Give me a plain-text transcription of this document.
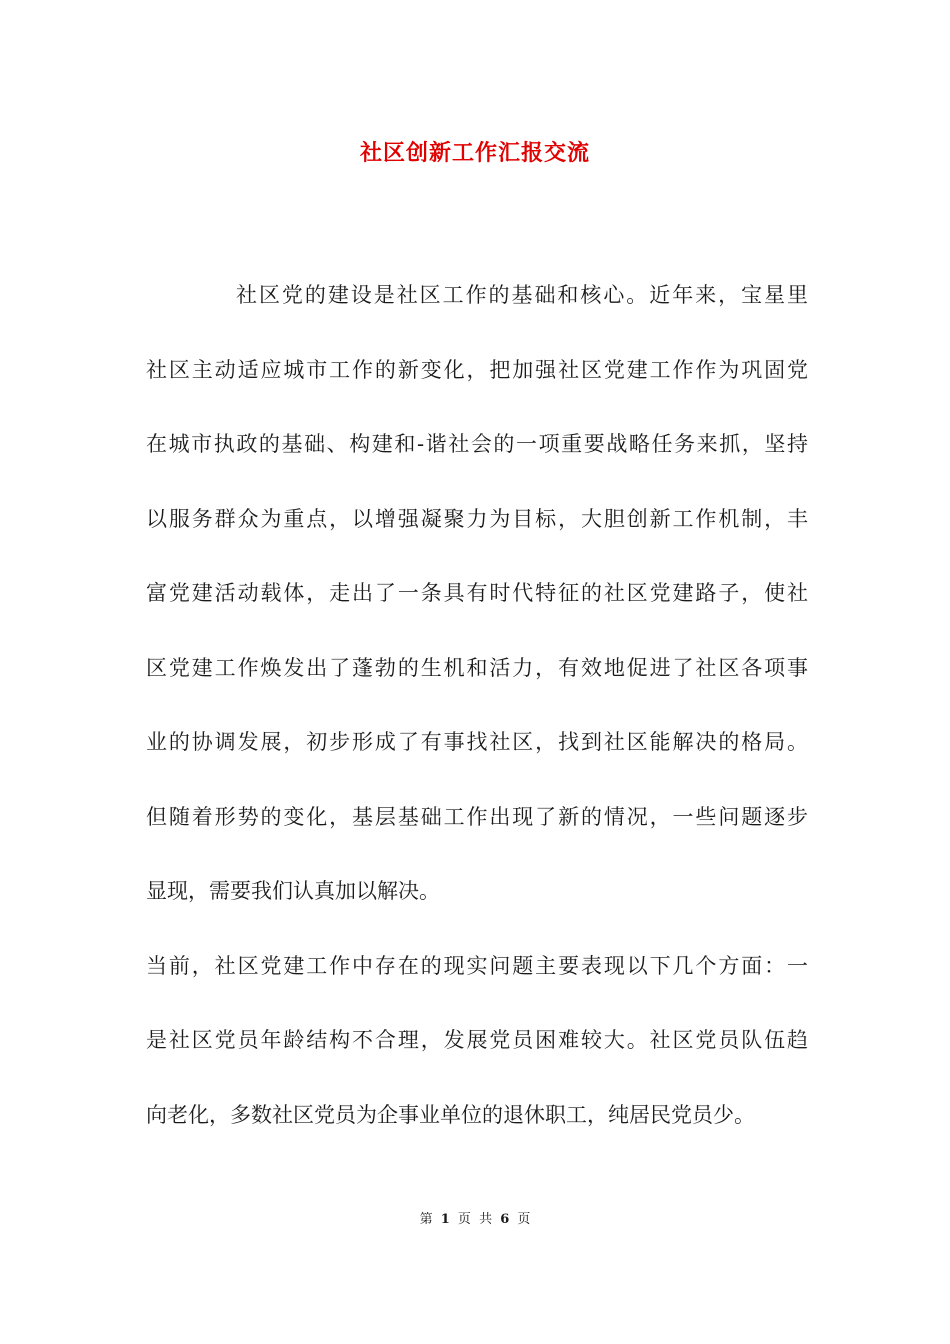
社区创新工作汇报交流
社区党的建设是社区工作的基础和核心。近年来，宝星里
社区主动适应城市工作的新变化，把加强社区党建工作作为巩固党
在城市执政的基础、构建和-谐社会的一项重要战略任务来抓，坚持
以服务群众为重点，以增强凝聚力为目标，大胆创新工作机制，丰
富党建活动载体，走出了一条具有时代特征的社区党建路子，使社
区党建工作焕发出了蓬勃的生机和活力，有效地促进了社区各项事
业的协调发展，初步形成了有事找社区，找到社区能解决的格局。
但随着形势的变化，基层基础工作出现了新的情况，一些问题逐步
显现，需要我们认真加以解决。
当前，社区党建工作中存在的现实问题主要表现以下几个方面：一
是社区党员年龄结构不合理，发展党员困难较大。社区党员队伍趋
向老化，多数社区党员为企事业单位的退休职工，纯居民党员少。
第 1 页 共 6 页
